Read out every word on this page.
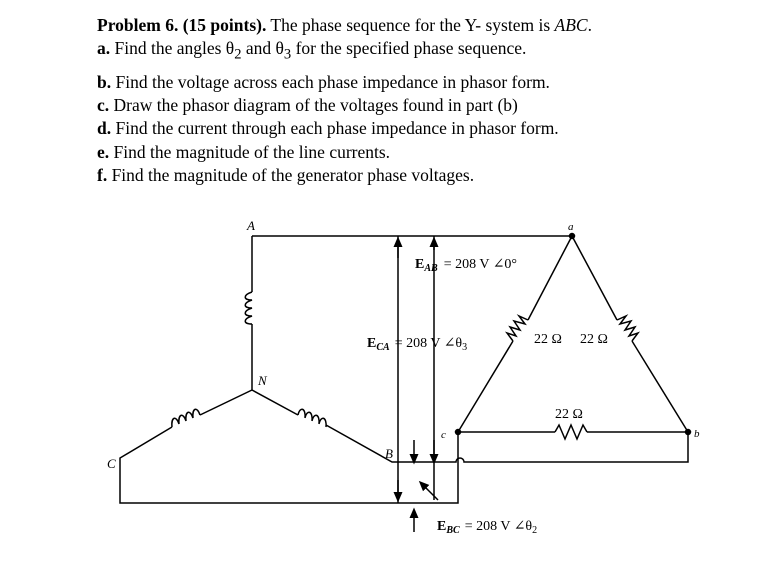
Problem 6. (15 points). The phase sequence for the Y- system is ABC.
a. Find the angles $\theta_2$ and $\theta_3$ for the specified phase sequence.
b. Find the voltage across each phase impedance in phasor form.
c. Draw the phasor diagram of the voltages found in part (b)
d. Find the current through each phase impedance in phasor form.
e. Find the magnitude of the line currents.
f. Find the magnitude of the generator phase voltages.
A
N
C
B
a
b
c
$E_{AB} = 208$ V ∠0°
$E_{CA} = 208$ V $\angle\theta_3$
$E_{BC} = 208$ V $\angle\theta_2$
22 Ω 22 Ω
22 Ω
